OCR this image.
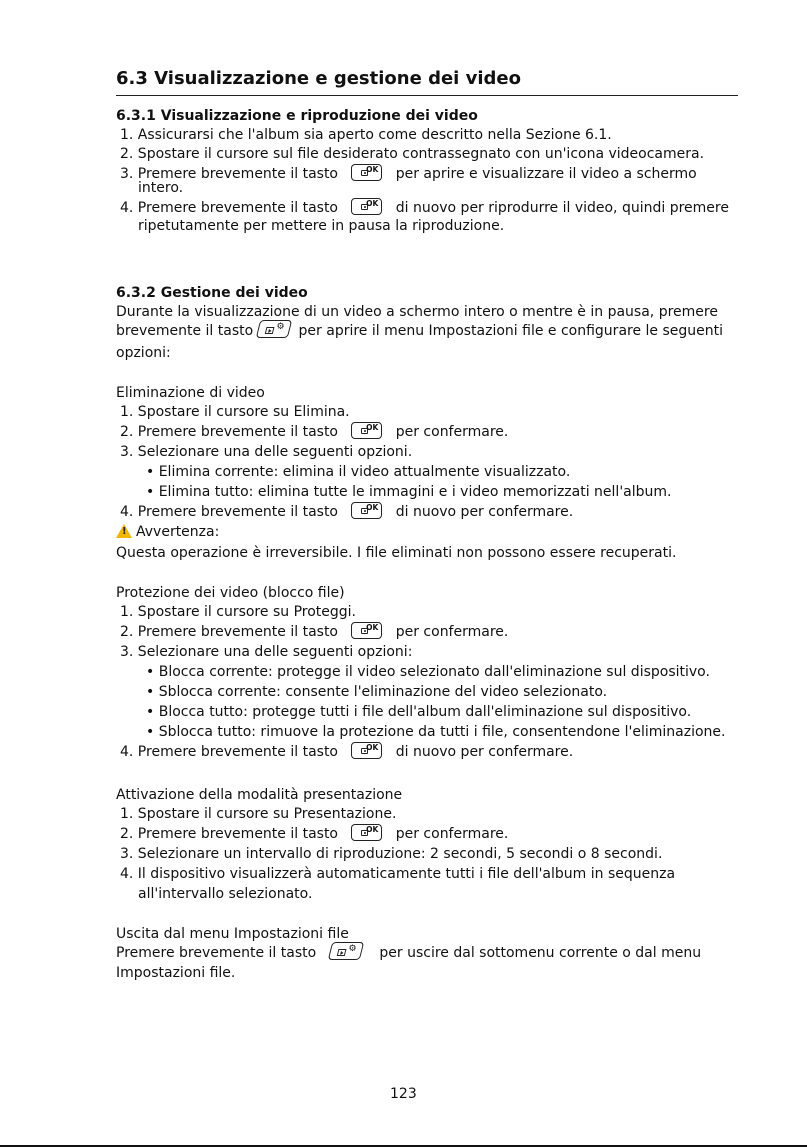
6.3 Visualizzazione e gestione dei video
6.3.1 Visualizzazione e riproduzione dei video
1. Assicurarsi che l'album sia aperto come descritto nella Sezione 6.1.
2. Spostare il cursore sul file desiderato contrassegnato con un'icona videocamera.
3. Premere brevemente il tasto	OK per aprire e visualizzare il video a schermo
intero.
4. Premere brevemente il tasto	OK di nuovo per riprodurre il video, quindi premere
ripetutamente per mettere in pausa la riproduzione.
6.3.2 Gestione dei video
Durante la visualizzazione di un video a schermo intero o mentre è in pausa, premere
brevemente il tasto	⚙ per aprire il menu Impostazioni file e configurare le seguenti
opzioni:
Eliminazione di video
1. Spostare il cursore su Elimina.
2. Premere brevemente il tasto	OK per confermare.
3. Selezionare una delle seguenti opzioni.
• Elimina corrente: elimina il video attualmente visualizzato.
• Elimina tutto: elimina tutte le immagini e i video memorizzati nell'album.
4. Premere brevemente il tasto	OK di nuovo per confermare.
!Avvertenza:
Questa operazione è irreversibile. I file eliminati non possono essere recuperati.
Protezione dei video (blocco file)
1. Spostare il cursore su Proteggi.
2. Premere brevemente il tasto	OK per confermare.
3. Selezionare una delle seguenti opzioni:
• Blocca corrente: protegge il video selezionato dall'eliminazione sul dispositivo.
• Sblocca corrente: consente l'eliminazione del video selezionato.
• Blocca tutto: protegge tutti i file dell'album dall'eliminazione sul dispositivo.
• Sblocca tutto: rimuove la protezione da tutti i file, consentendone l'eliminazione.
4. Premere brevemente il tasto	OK di nuovo per confermare.
Attivazione della modalità presentazione
1. Spostare il cursore su Presentazione.
2. Premere brevemente il tasto	OK per confermare.
3. Selezionare un intervallo di riproduzione: 2 secondi, 5 secondi o 8 secondi.
4. Il dispositivo visualizzerà automaticamente tutti i file dell'album in sequenza
all'intervallo selezionato.
Uscita dal menu Impostazioni file
Premere brevemente il tasto	⚙ per uscire dal sottomenu corrente o dal menu
Impostazioni file.
123
